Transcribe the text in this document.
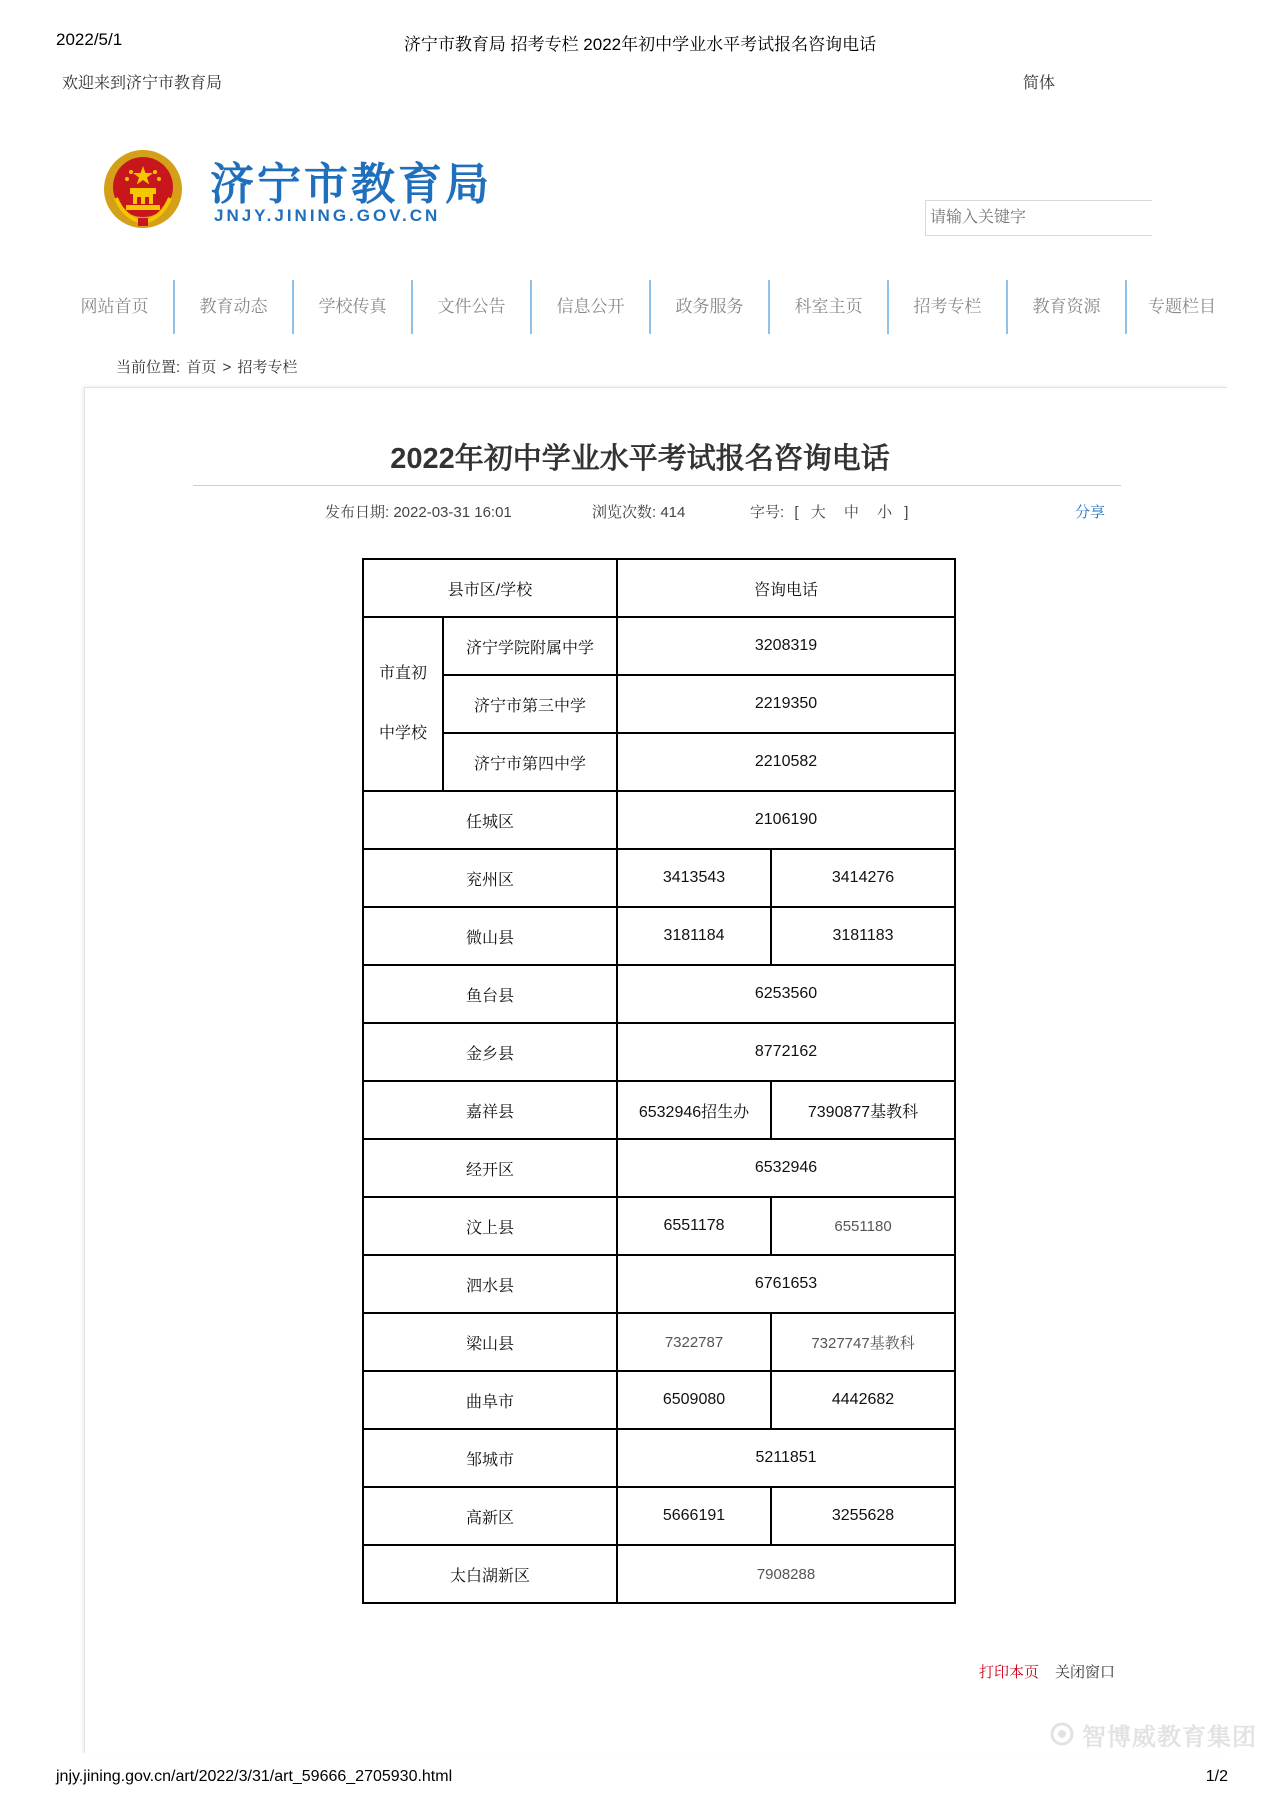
2022/5/1	济宁市教育局 招考专栏 2022年初中学业水平考试报名咨询电话
欢迎来到济宁市教育局	简体
济宁市教育局
JNJY.JINING.GOV.CN
请输入关键字
网站首页	教育动态	学校传真	文件公告	信息公开	政务服务	科室主页	招考专栏	教育资源	专题栏目
当前位置: 首页 > 招考专栏
2022年初中学业水平考试报名咨询电话
发布日期: 2022-03-31 16:01	浏览次数: 414	字号: [ 大 中 小 ]	分享
县市区/学校		咨询电话	
市直初

中学校	济宁学院附属中学	3208319	
	济宁市第三中学	2219350	
	济宁市第四中学	2210582	
任城区		2106190	
兖州区		3413543	3414276
微山县		3181184	3181183
鱼台县		6253560	
金乡县		8772162	
嘉祥县		6532946招生办	7390877基教科
经开区		6532946	
汶上县		6551178	6551180
泗水县		6761653	
梁山县		7322787	7327747基教科
曲阜市		6509080	4442682
邹城市		5211851	
高新区		5666191	3255628
太白湖新区		7908288	
打印本页 关闭窗口
智博威教育集团
jnjy.jining.gov.cn/art/2022/3/31/art_59666_2705930.html	1/2
